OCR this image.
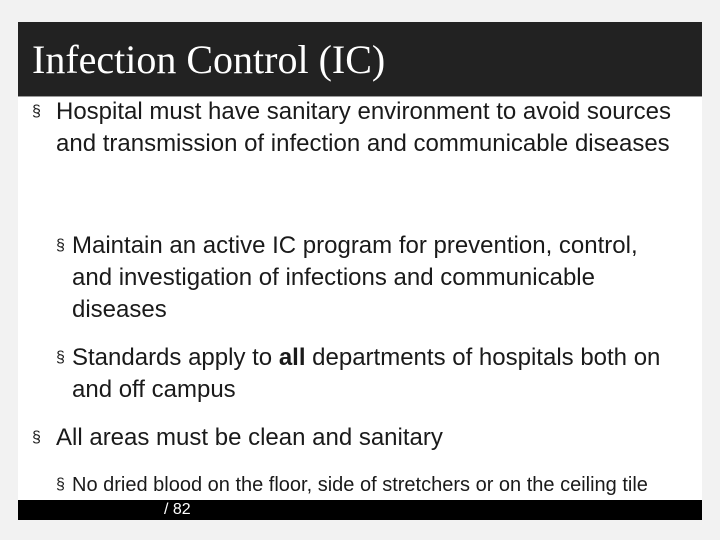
Infection Control (IC)
§ Hospital must have sanitary environment to avoid sources and transmission of infection and communicable diseases
§ Maintain an active IC program for prevention, control, and investigation of infections and communicable diseases
§ Standards apply to all departments of hospitals both on and off campus
§ All areas must be clean and sanitary
§ No dried blood on the floor, side of stretchers or on the ceiling tile
/ 82
